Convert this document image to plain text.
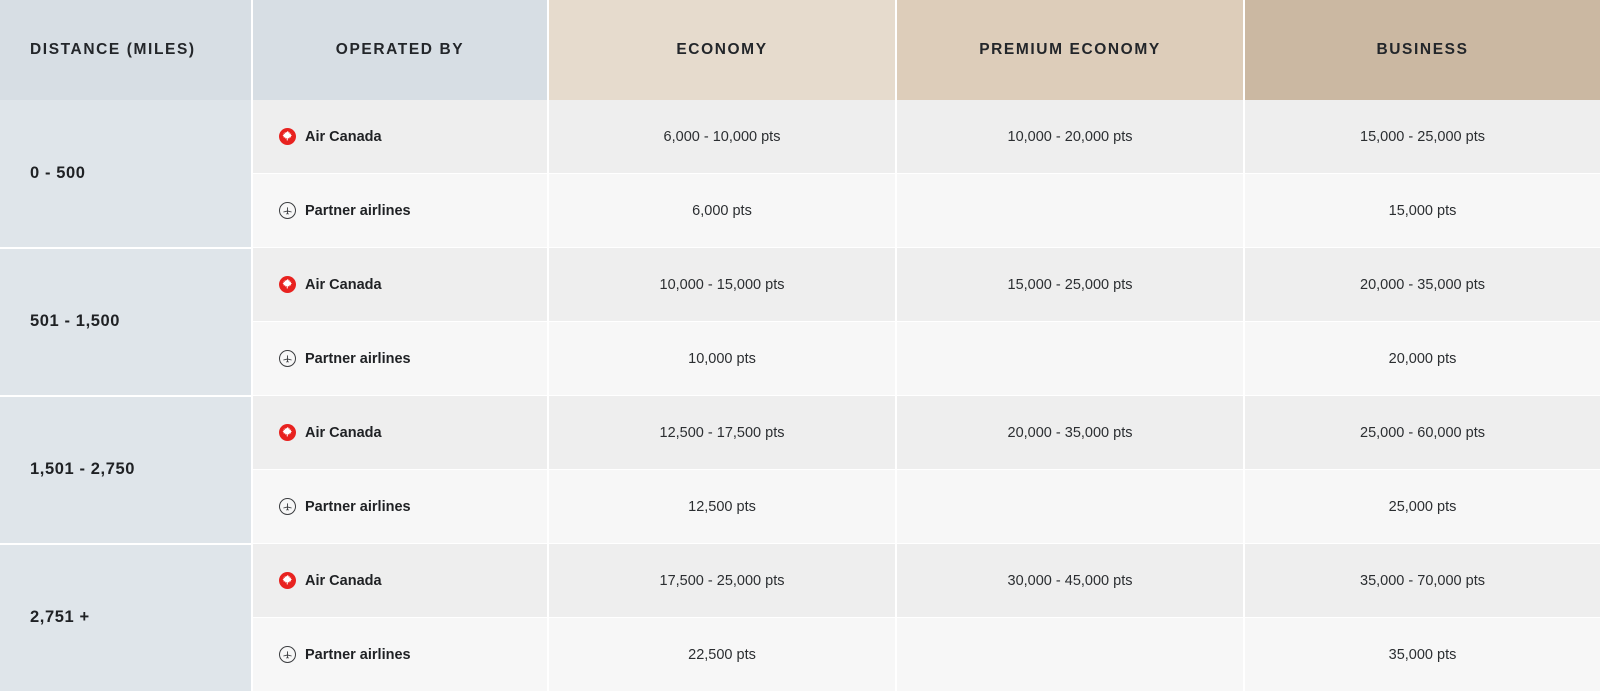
DISTANCE (MILES)	OPERATED BY	ECONOMY	PREMIUM ECONOMY	BUSINESS
0 - 500	Air Canada	6,000 - 10,000 pts	10,000 - 20,000 pts	15,000 - 25,000 pts

	Partner airlines	6,000 pts		15,000 pts
501 - 1,500	Air Canada	10,000 - 15,000 pts	15,000 - 25,000 pts	20,000 - 35,000 pts

	Partner airlines	10,000 pts		20,000 pts
1,501 - 2,750	Air Canada	12,500 - 17,500 pts	20,000 - 35,000 pts	25,000 - 60,000 pts

	Partner airlines	12,500 pts		25,000 pts
2,751 +	Air Canada	17,500 - 25,000 pts	30,000 - 45,000 pts	35,000 - 70,000 pts

	Partner airlines	22,500 pts		35,000 pts
